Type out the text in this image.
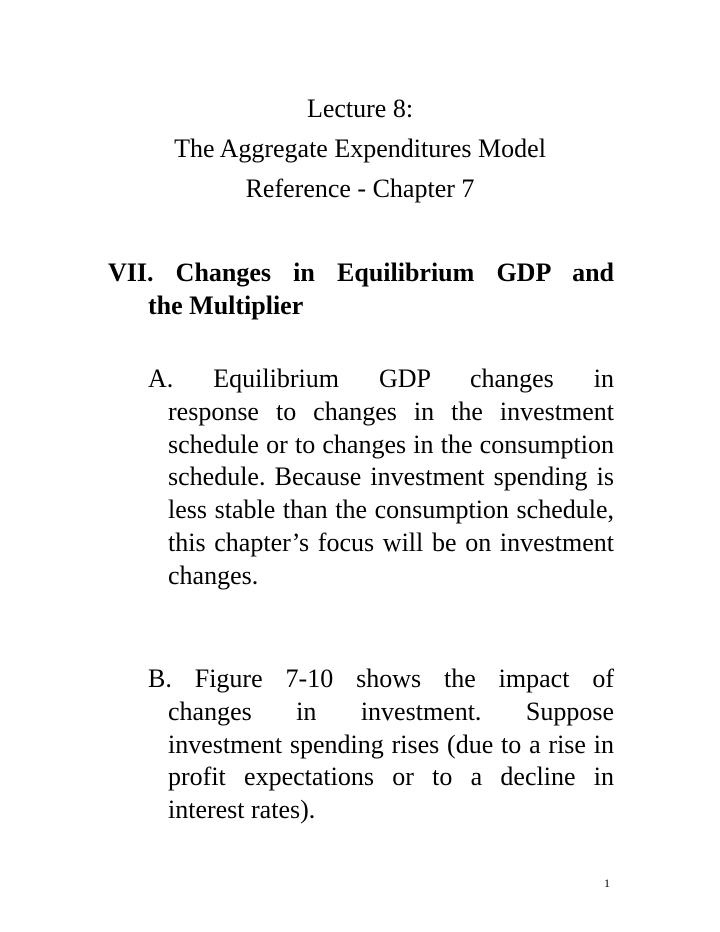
Lecture 8:
The Aggregate Expenditures Model
Reference - Chapter 7
VII. Changes in Equilibrium GDP and
the Multiplier
A. Equilibrium GDP changes in
response to changes in the investment schedule or to changes in the consumption schedule. Because investment spending is less stable than the consumption schedule, this chapter’s focus will be on investment changes.
B. Figure 7-10 shows the impact of
changes in investment. Suppose investment spending rises (due to a rise in profit expectations or to a decline in interest rates).
1
